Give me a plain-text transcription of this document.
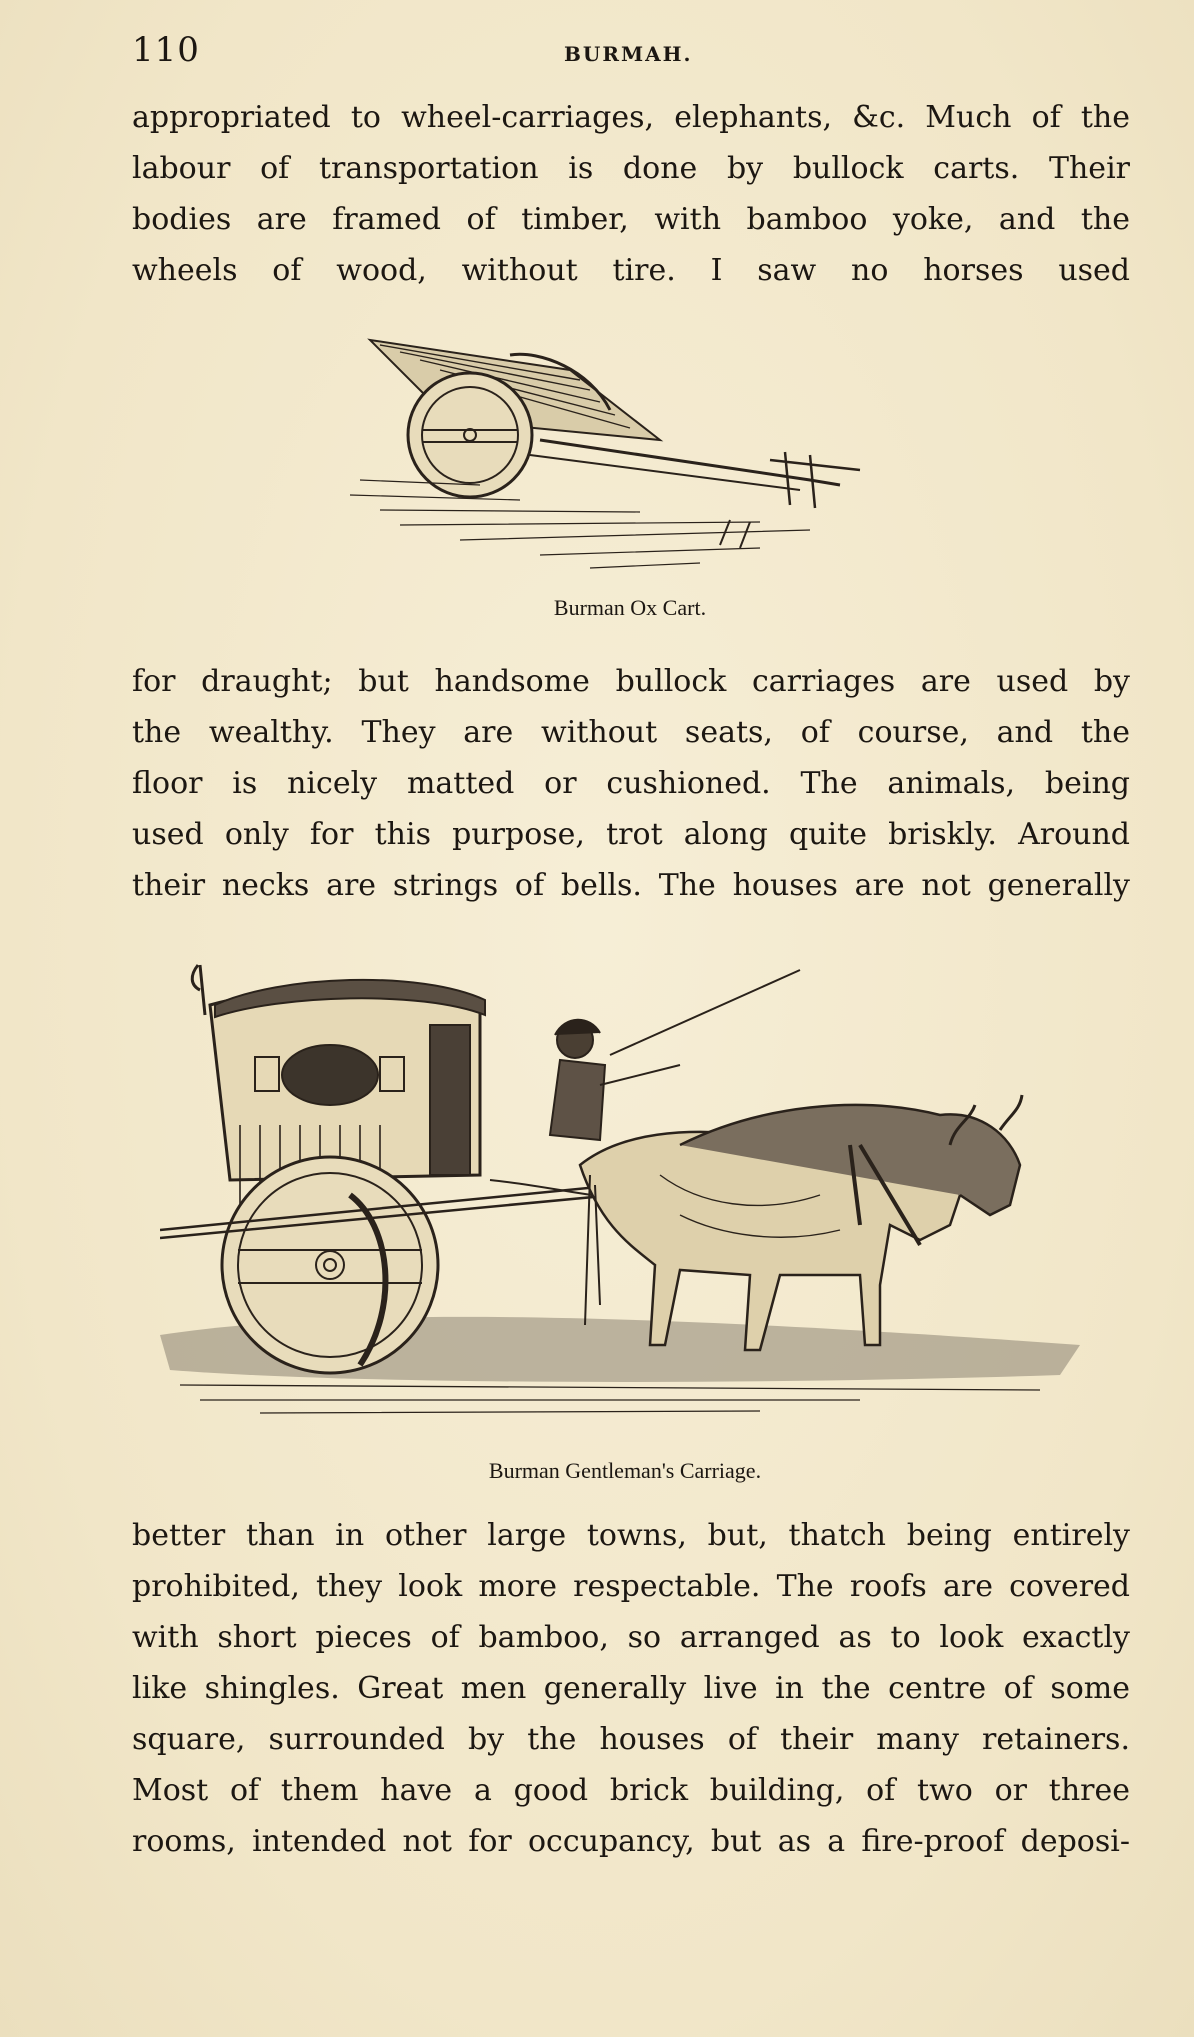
110	BURMAH.
appropriated to wheel-carriages, elephants, &c. Much of the
labour of transportation is done by bullock carts. Their
bodies are framed of timber, with bamboo yoke, and the
wheels of wood, without tire. I saw no horses used
Burman Ox Cart.
for draught; but handsome bullock carriages are used by
the wealthy. They are without seats, of course, and the
floor is nicely matted or cushioned. The animals, being
used only for this purpose, trot along quite briskly. Around
their necks are strings of bells. The houses are not generally
Burman Gentleman's Carriage.
better than in other large towns, but, thatch being entirely
prohibited, they look more respectable. The roofs are covered
with short pieces of bamboo, so arranged as to look exactly
like shingles. Great men generally live in the centre of some
square, surrounded by the houses of their many retainers.
Most of them have a good brick building, of two or three
rooms, intended not for occupancy, but as a fire-proof deposi-
